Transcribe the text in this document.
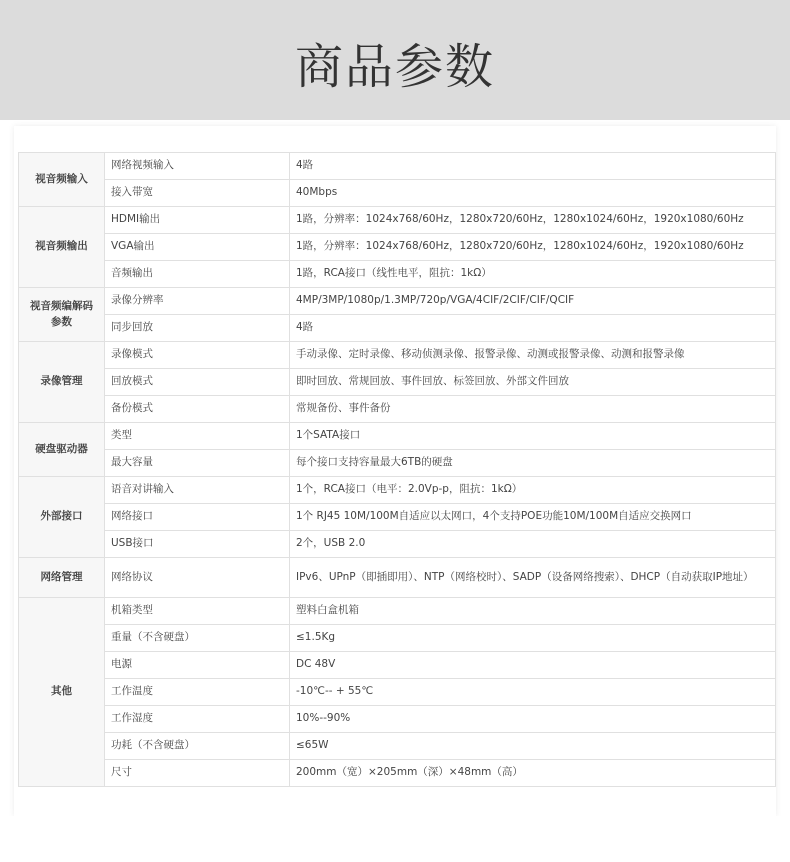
商品参数
视音频输入	网络视频输入	4路
	接入带宽	40Mbps
视音频输出	HDMI输出	1路，分辨率：1024x768/60Hz，1280x720/60Hz，1280x1024/60Hz，1920x1080/60Hz
	VGA输出	1路，分辨率：1024x768/60Hz，1280x720/60Hz，1280x1024/60Hz，1920x1080/60Hz
	音频输出	1路，RCA接口（线性电平，阻抗：1kΩ）
视音频编解码参数	录像分辨率	4MP/3MP/1080p/1.3MP/720p/VGA/4CIF/2CIF/CIF/QCIF
	同步回放	4路
录像管理	录像模式	手动录像、定时录像、移动侦测录像、报警录像、动测或报警录像、动测和报警录像
	回放模式	即时回放、常规回放、事件回放、标签回放、外部文件回放
	备份模式	常规备份、事件备份
硬盘驱动器	类型	1个SATA接口
	最大容量	每个接口支持容量最大6TB的硬盘
外部接口	语音对讲输入	1个，RCA接口（电平：2.0Vp-p，阻抗：1kΩ）
	网络接口	1个 RJ45 10M/100M自适应以太网口，4个支持POE功能10M/100M自适应交换网口
	USB接口	2个，USB 2.0
网络管理	网络协议	IPv6、UPnP（即插即用）、NTP（网络校时）、SADP（设备网络搜索）、DHCP（自动获取IP地址）
其他	机箱类型	塑料白盒机箱
	重量（不含硬盘）	≤1.5Kg
	电源	DC 48V
	工作温度	-10℃-- + 55℃
	工作湿度	10%--90%
	功耗（不含硬盘）	≤65W
	尺寸	200mm（宽）×205mm（深）×48mm（高）
